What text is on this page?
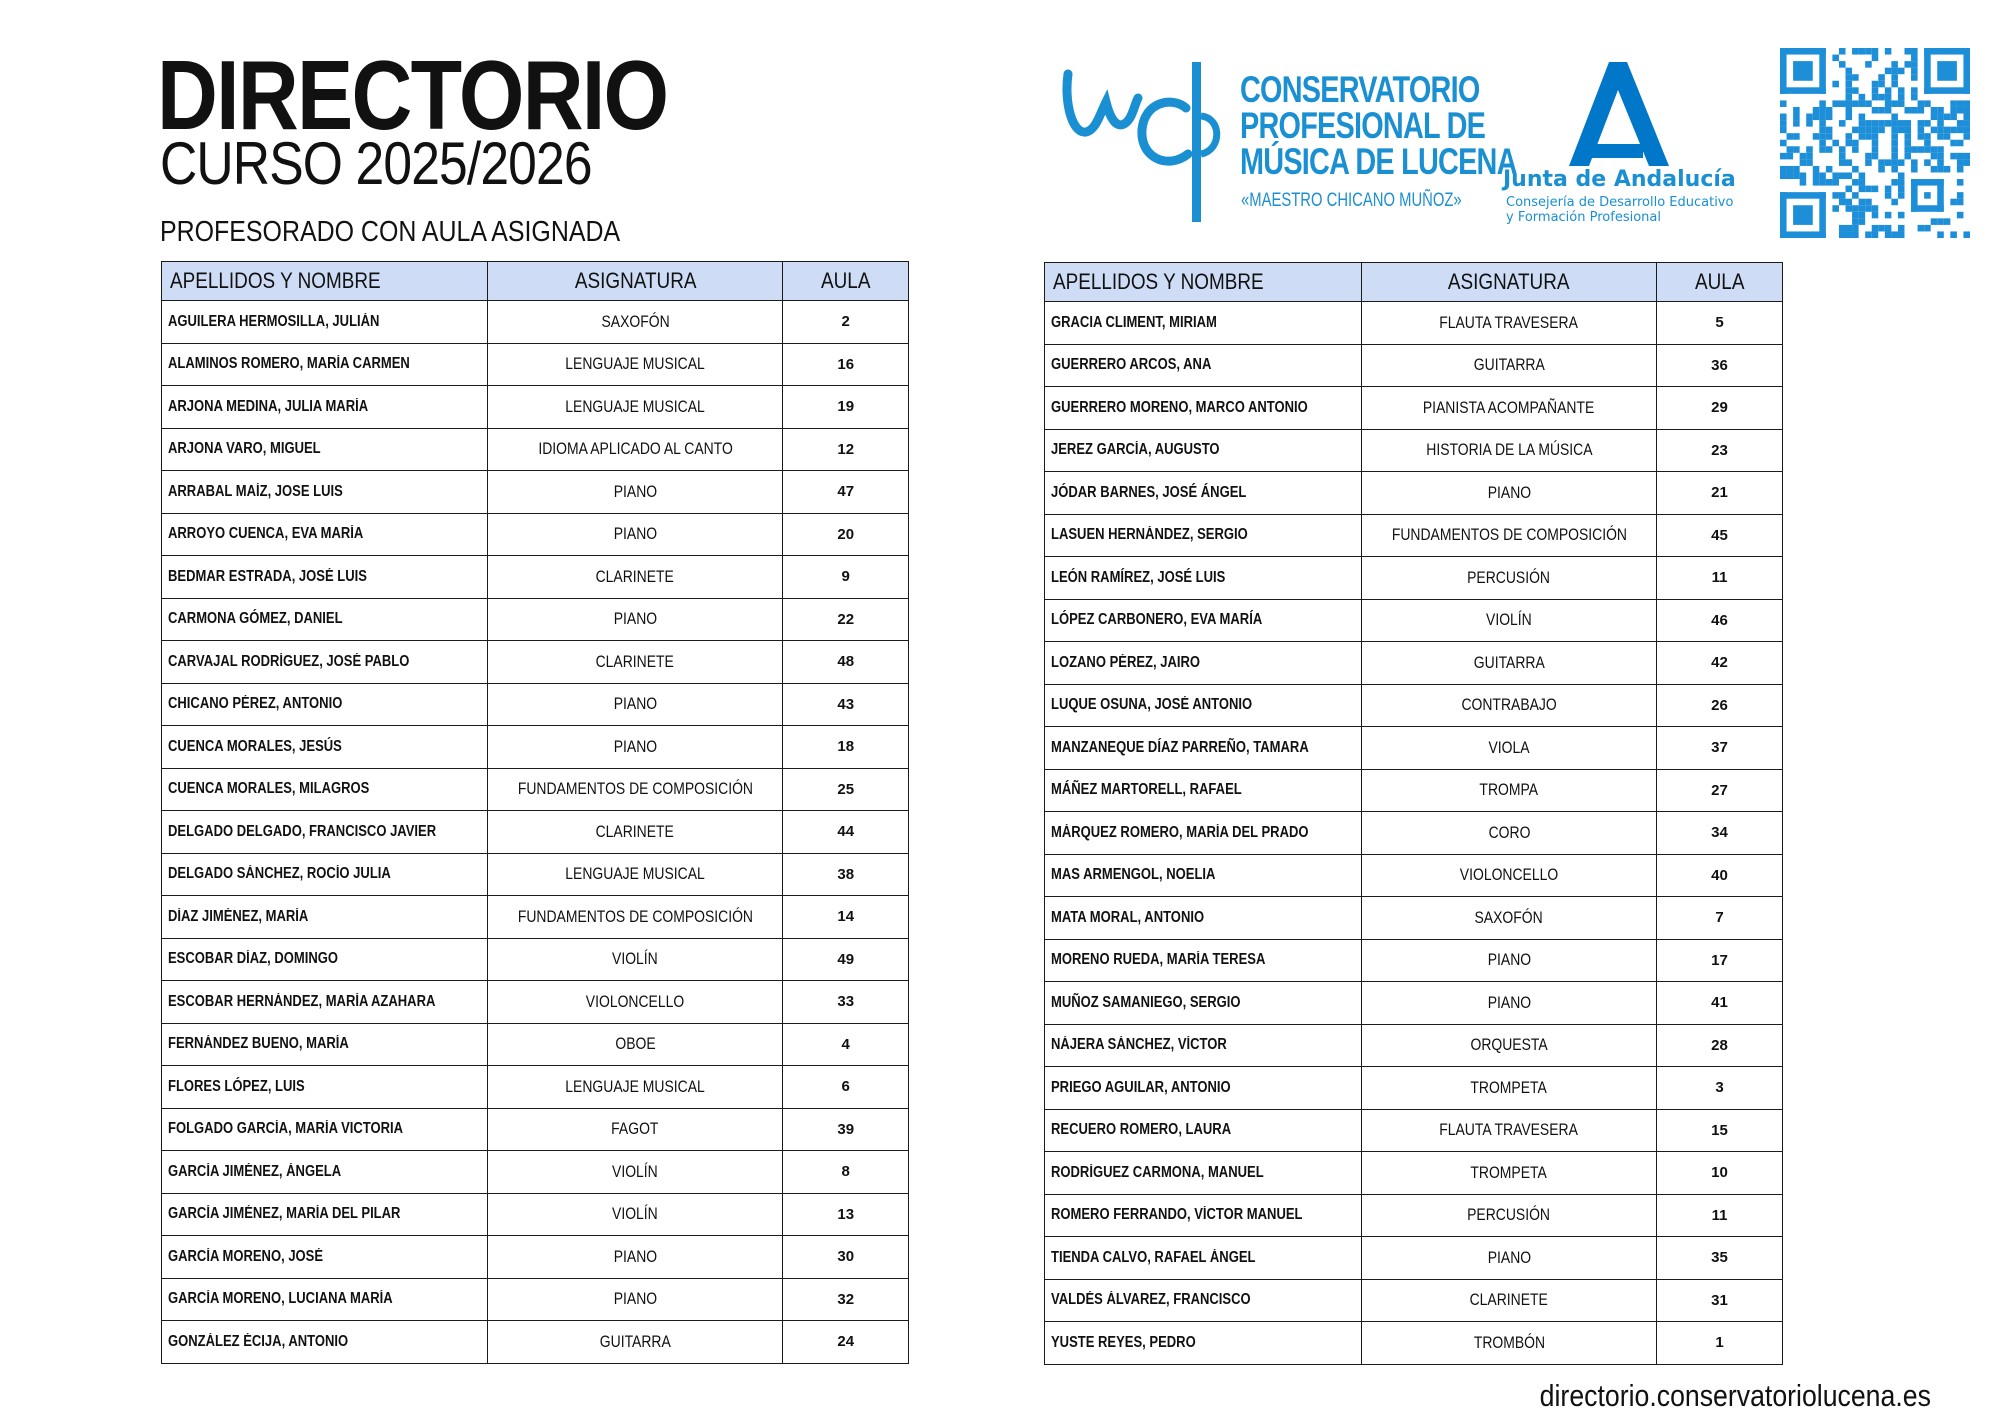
DIRECTORIO
CURSO 2025/2026
PROFESORADO CON AULA ASIGNADA
CONSERVATORIO
PROFESIONAL DE
MÚSICA DE LUCENA
«MAESTRO CHICANO MUÑOZ»
Junta de Andalucía
Consejería de Desarrollo Educativo
y Formación Profesional
APELLIDOS Y NOMBRE	ASIGNATURA	AULA
AGUILERA HERMOSILLA, JULIÁN	SAXOFÓN	2
ALAMINOS ROMERO, MARÍA CARMEN	LENGUAJE MUSICAL	16
ARJONA MEDINA, JULIA MARÍA	LENGUAJE MUSICAL	19
ARJONA VARO, MIGUEL	IDIOMA APLICADO AL CANTO	12
ARRABAL MAÍZ, JOSE LUIS	PIANO	47
ARROYO CUENCA, EVA MARÍA	PIANO	20
BEDMAR ESTRADA, JOSÉ LUIS	CLARINETE	9
CARMONA GÓMEZ, DANIEL	PIANO	22
CARVAJAL RODRÍGUEZ, JOSÉ PABLO	CLARINETE	48
CHICANO PÉREZ, ANTONIO	PIANO	43
CUENCA MORALES, JESÚS	PIANO	18
CUENCA MORALES, MILAGROS	FUNDAMENTOS DE COMPOSICIÓN	25
DELGADO DELGADO, FRANCISCO JAVIER	CLARINETE	44
DELGADO SÁNCHEZ, ROCÍO JULIA	LENGUAJE MUSICAL	38
DÍAZ JIMÉNEZ, MARÍA	FUNDAMENTOS DE COMPOSICIÓN	14
ESCOBAR DÍAZ, DOMINGO	VIOLÍN	49
ESCOBAR HERNÁNDEZ, MARÍA AZAHARA	VIOLONCELLO	33
FERNÁNDEZ BUENO, MARÍA	OBOE	4
FLORES LÓPEZ, LUIS	LENGUAJE MUSICAL	6
FOLGADO GARCÍA, MARÍA VICTORIA	FAGOT	39
GARCÍA JIMÉNEZ, ÁNGELA	VIOLÍN	8
GARCÍA JIMÉNEZ, MARÍA DEL PILAR	VIOLÍN	13
GARCÍA MORENO, JOSÉ	PIANO	30
GARCÍA MORENO, LUCIANA MARÍA	PIANO	32
GONZÁLEZ ÉCIJA, ANTONIO	GUITARRA	24
APELLIDOS Y NOMBRE	ASIGNATURA	AULA
GRACIA CLIMENT, MIRIAM	FLAUTA TRAVESERA	5
GUERRERO ARCOS, ANA	GUITARRA	36
GUERRERO MORENO, MARCO ANTONIO	PIANISTA ACOMPAÑANTE	29
JEREZ GARCÍA, AUGUSTO	HISTORIA DE LA MÚSICA	23
JÓDAR BARNES, JOSÉ ÁNGEL	PIANO	21
LASUEN HERNÁNDEZ, SERGIO	FUNDAMENTOS DE COMPOSICIÓN	45
LEÓN RAMÍREZ, JOSÉ LUIS	PERCUSIÓN	11
LÓPEZ CARBONERO, EVA MARÍA	VIOLÍN	46
LOZANO PÉREZ, JAIRO	GUITARRA	42
LUQUE OSUNA, JOSÉ ANTONIO	CONTRABAJO	26
MANZANEQUE DÍAZ PARREÑO, TAMARA	VIOLA	37
MÁÑEZ MARTORELL, RAFAEL	TROMPA	27
MÁRQUEZ ROMERO, MARÍA DEL PRADO	CORO	34
MAS ARMENGOL, NOELIA	VIOLONCELLO	40
MATA MORAL, ANTONIO	SAXOFÓN	7
MORENO RUEDA, MARÍA TERESA	PIANO	17
MUÑOZ SAMANIEGO, SERGIO	PIANO	41
NÁJERA SÁNCHEZ, VÍCTOR	ORQUESTA	28
PRIEGO AGUILAR, ANTONIO	TROMPETA	3
RECUERO ROMERO, LAURA	FLAUTA TRAVESERA	15
RODRÍGUEZ CARMONA, MANUEL	TROMPETA	10
ROMERO FERRANDO, VÍCTOR MANUEL	PERCUSIÓN	11
TIENDA CALVO, RAFAEL ÁNGEL	PIANO	35
VALDÉS ÁLVAREZ, FRANCISCO	CLARINETE	31
YUSTE REYES, PEDRO	TROMBÓN	1
directorio.conservatoriolucena.es
